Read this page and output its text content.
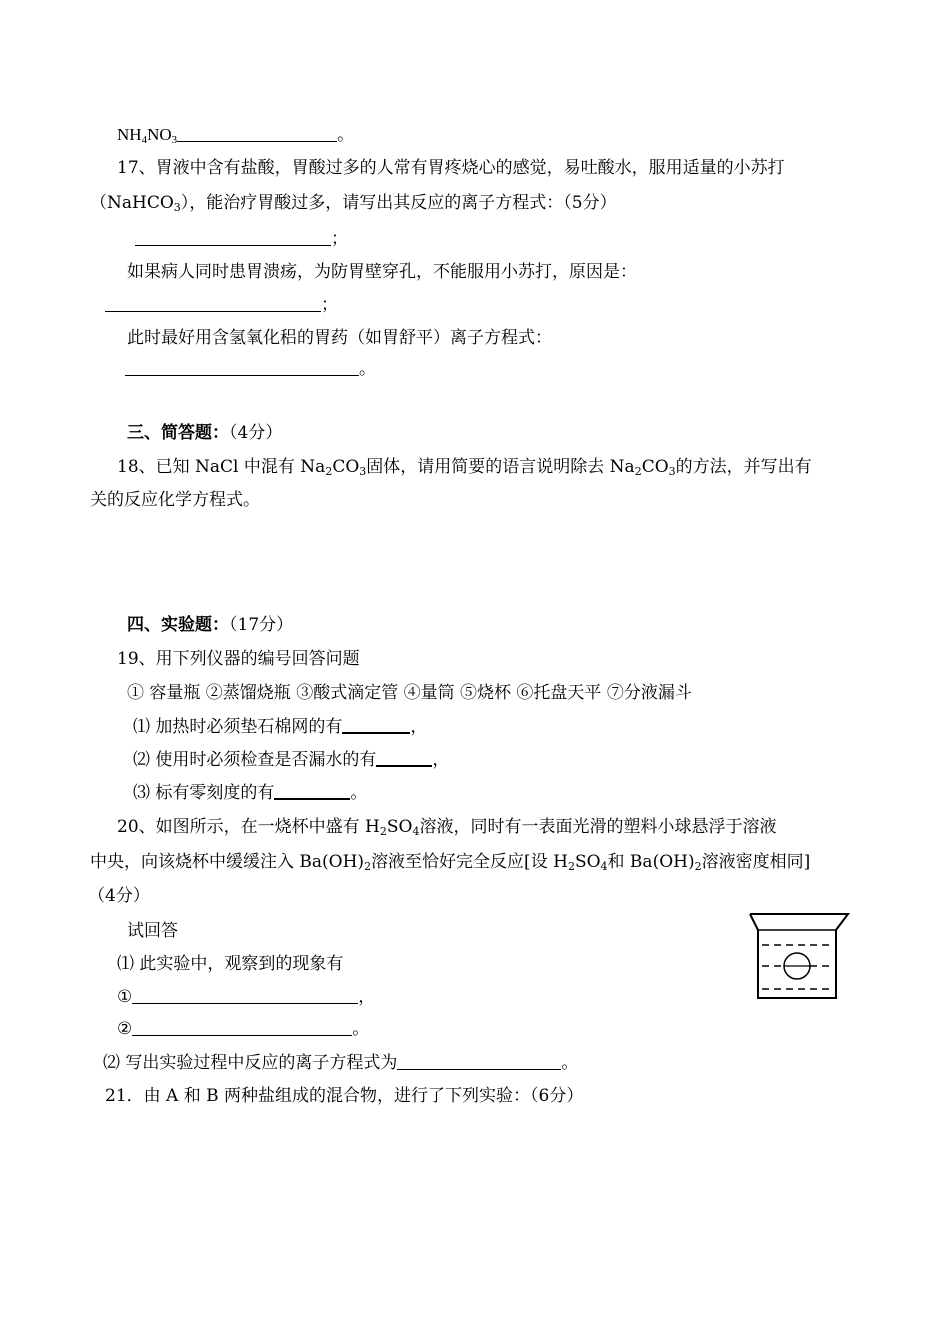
$NH_4NO_3$	。
17、胃液中含有盐酸，胃酸过多的人常有胃疼烧心的感觉，易吐酸水，服用适量的小苏打
（NaHCO$_3$），能治疗胃酸过多，请写出其反应的离子方程式：（5分）
；
如果病人同时患胃溃疡，为防胃壁穿孔，不能服用小苏打，原因是：
；
此时最好用含氢氧化稆的胃药（如胃舒平）离子方程式：
。
三、简答题：（4分）
18、已知 NaCl 中混有 $Na_2CO_3$固体，请用简要的语言说明除去 $Na_2CO_3$的方法，并写出有
关的反应化学方程式。
四、实验题：（17分）
19、用下列仪器的编号回答问题
① 容量瓶 ②蒸馏烧瓶 ③酸式滴定管 ④量筒 ⑤烧杯 ⑥托盘天平 ⑦分液漏斗
⑴ 加热时必须垫石棉网的有	，
⑵ 使用时必须检查是否漏水的有	，
⑶ 标有零刻度的有	。
20、如图所示，在一烧杯中盛有 $H_2SO_4$溶液，同时有一表面光滑的塑料小球悬浮于溶液
中央，向该烧杯中缓缓注入 $Ba(OH)_2$溶液至恰好完全反应[设 $H_2SO_4$和 $Ba(OH)_2$溶液密度相同]
（4分）
试回答
⑴ 此实验中，观察到的现象有
①	，
②	。
⑵ 写出实验过程中反应的离子方程式为	。
21．由 A 和 B 两种盐组成的混合物，进行了下列实验：（6分）
